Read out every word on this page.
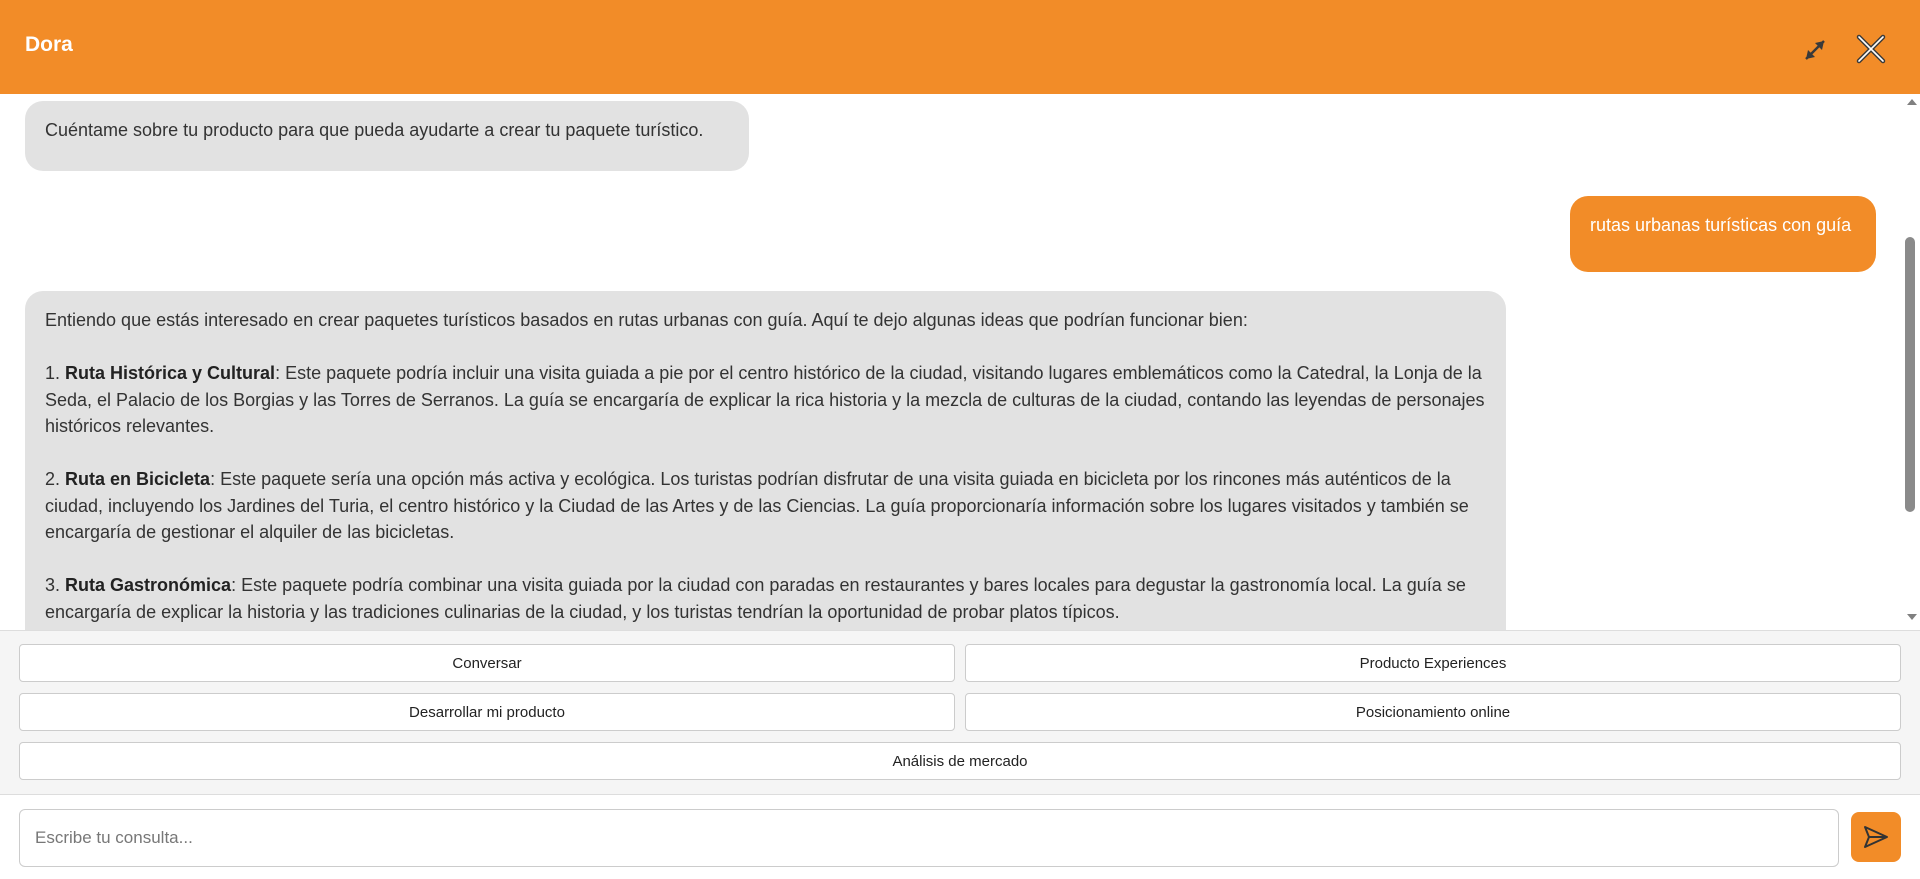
Dora
Cuéntame sobre tu producto para que pueda ayudarte a crear tu paquete turístico.
rutas urbanas turísticas con guía

Entiendo que estás interesado en crear paquetes turísticos basados en rutas urbanas con guía. Aquí te dejo algunas ideas que podrían funcionar bien:

1. Ruta Histórica y Cultural: Este paquete podría incluir una visita guiada a pie por el centro histórico de la ciudad, visitando lugares emblemáticos como la Catedral, la Lonja de la Seda, el Palacio de los Borgias y las Torres de Serranos. La guía se encargaría de explicar la rica historia y la mezcla de culturas de la ciudad, contando las leyendas de personajes históricos relevantes.

2. Ruta en Bicicleta: Este paquete sería una opción más activa y ecológica. Los turistas podrían disfrutar de una visita guiada en bicicleta por los rincones más auténticos de la ciudad, incluyendo los Jardines del Turia, el centro histórico y la Ciudad de las Artes y de las Ciencias. La guía proporcionaría información sobre los lugares visitados y también se encargaría de gestionar el alquiler de las bicicletas.

3. Ruta Gastronómica: Este paquete podría combinar una visita guiada por la ciudad con paradas en restaurantes y bares locales para degustar la gastronomía local. La guía se encargaría de explicar la historia y las tradiciones culinarias de la ciudad, y los turistas tendrían la oportunidad de probar platos típicos.

Conversar	Producto Experiences
Desarrollar mi producto	Posicionamiento online
Análisis de mercado
Escribe tu consulta...
